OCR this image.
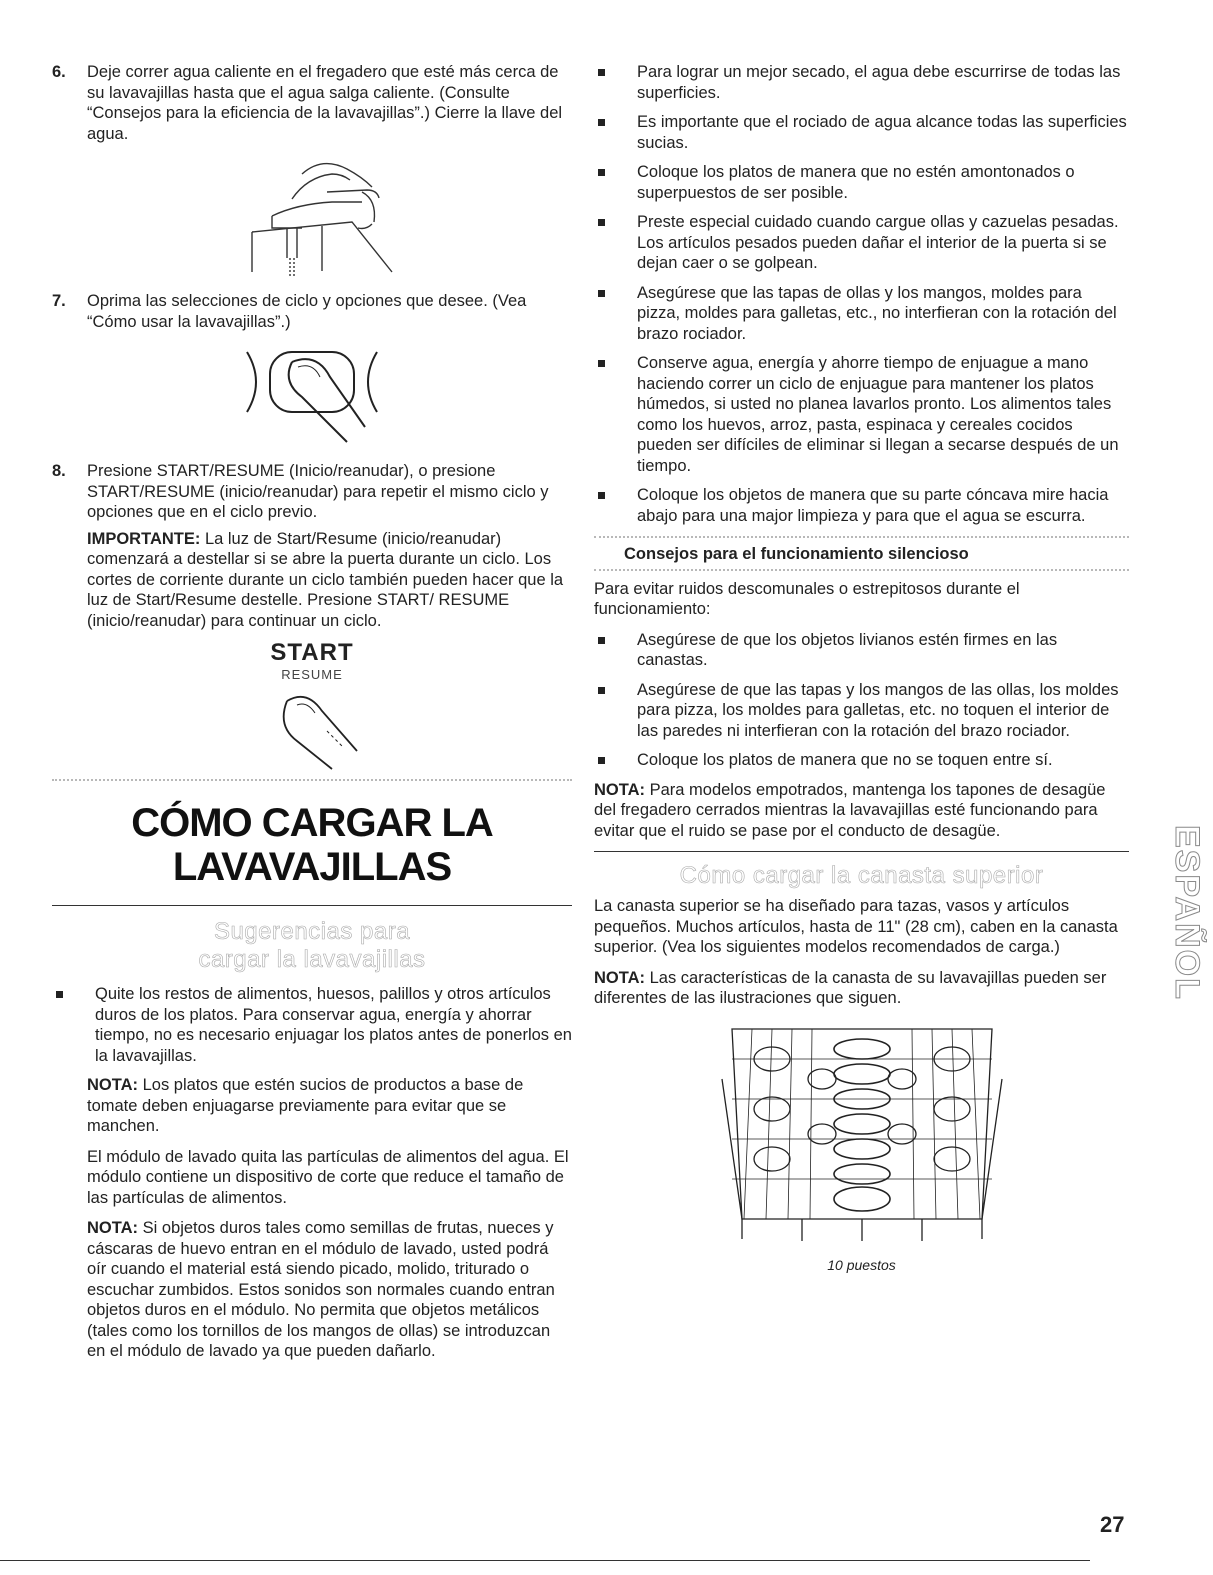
6.	Deje correr agua caliente en el fregadero que esté más cerca de su lavavajillas hasta que el agua salga caliente. (Consulte “Consejos para la eficiencia de la lavavajillas”.) Cierre la llave del agua.

7.	Oprima las selecciones de ciclo y opciones que desee. (Vea “Cómo usar la lavavajillas”.)

8.	Presione START/RESUME (Inicio/reanudar), o presione START/RESUME (inicio/reanudar) para repetir el mismo ciclo y opciones que en el ciclo previo.

IMPORTANTE: La luz de Start/Resume (inicio/reanudar) comenzará a destellar si se abre la puerta durante un ciclo. Los cortes de corriente durante un ciclo también pueden hacer que la luz de Start/Resume destelle. Presione START/ RESUME (inicio/reanudar) para continuar un ciclo.

START
RESUME
CÓMO CARGAR LA
LAVAVAJILLAS
Sugerencias para
cargar la lavavajillas
Quite los restos de alimentos, huesos, palillos y otros artículos duros de los platos. Para conservar agua, energía y ahorrar tiempo, no es necesario enjuagar los platos antes de ponerlos en la lavavajillas.

NOTA: Los platos que estén sucios de productos a base de tomate deben enjuagarse previamente para evitar que se manchen.

El módulo de lavado quita las partículas de alimentos del agua. El módulo contiene un dispositivo de corte que reduce el tamaño de las partículas de alimentos.

NOTA: Si objetos duros tales como semillas de frutas, nueces y cáscaras de huevo entran en el módulo de lavado, usted podrá oír cuando el material está siendo picado, molido, triturado o escuchar zumbidos. Estos sonidos son normales cuando entran objetos duros en el módulo. No permita que objetos metálicos (tales como los tornillos de los mangos de ollas) se introduzcan en el módulo de lavado ya que pueden dañarlo.

Para lograr un mejor secado, el agua debe escurrirse de todas las superficies.
Es importante que el rociado de agua alcance todas las superficies sucias.
Coloque los platos de manera que no estén amontonados o superpuestos de ser posible.
Preste especial cuidado cuando cargue ollas y cazuelas pesadas. Los artículos pesados pueden dañar el interior de la puerta si se dejan caer o se golpean.
Asegúrese que las tapas de ollas y los mangos, moldes para pizza, moldes para galletas, etc., no interfieran con la rotación del brazo rociador.
Conserve agua, energía y ahorre tiempo de enjuague a mano haciendo correr un ciclo de enjuague para mantener los platos húmedos, si usted no planea lavarlos pronto. Los alimentos tales como los huevos, arroz, pasta, espinaca y cereales cocidos pueden ser difíciles de eliminar si llegan a secarse después de un tiempo.
Coloque los objetos de manera que su parte cóncava mire hacia abajo para una major limpieza y para que el agua se escurra.
Consejos para el funcionamiento silencioso

Para evitar ruidos descomunales o estrepitosos durante el funcionamiento:

Asegúrese de que los objetos livianos estén firmes en las canastas.
Asegúrese de que las tapas y los mangos de las ollas, los moldes para pizza, los moldes para galletas, etc. no toquen el interior de las paredes ni interfieran con la rotación del brazo rociador.
Coloque los platos de manera que no se toquen entre sí.

NOTA: Para modelos empotrados, mantenga los tapones de desagüe del fregadero cerrados mientras la lavavajillas esté funcionando para evitar que el ruido se pase por el conducto de desagüe.

Cómo cargar la canasta superior

La canasta superior se ha diseñado para tazas, vasos y artículos pequeños. Muchos artículos, hasta de 11" (28 cm), caben en la canasta superior. (Vea los siguientes modelos recomendados de carga.)

NOTA: Las características de la canasta de su lavavajillas pueden ser diferentes de las ilustraciones que siguen.

10 puestos
ESPAÑOL
27
